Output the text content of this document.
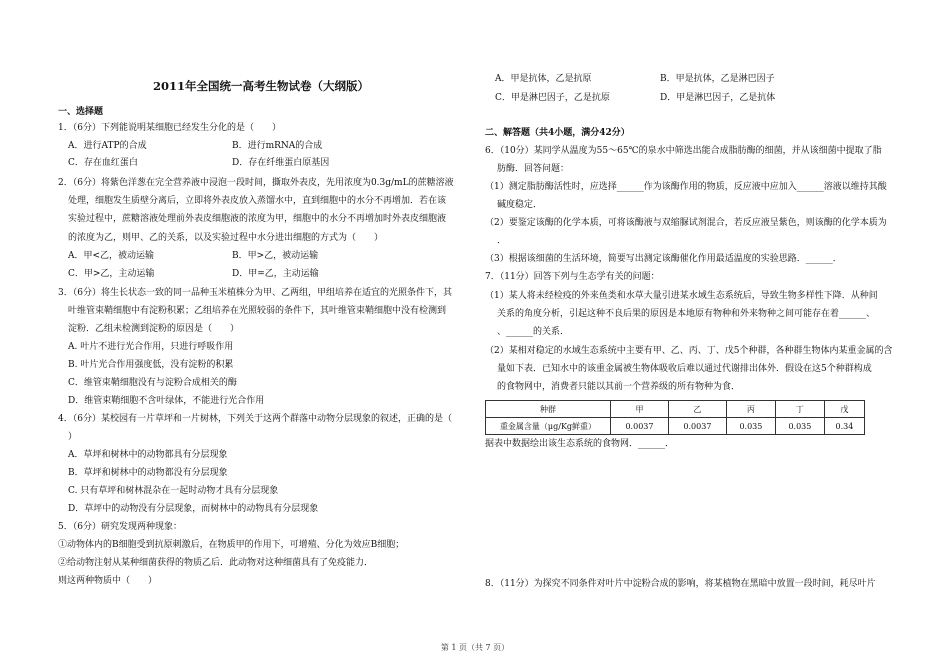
2011年全国统一高考生物试卷（大纲版）
一、选择题
1．（6分）下列能说明某细胞已经发生分化的是（　　）
A．进行ATP的合成	B．进行mRNA的合成
C．存在血红蛋白	D．存在纤维蛋白原基因
2．（6分）将紫色洋葱在完全营养液中浸泡一段时间，撕取外表皮，先用浓度为0.3g/mL的蔗糖溶液
处理，细胞发生质壁分离后，立即将外表皮放入蒸馏水中，直到细胞中的水分不再增加．若在该
实验过程中，蔗糖溶液处理前外表皮细胞液的浓度为甲，细胞中的水分不再增加时外表皮细胞液
的浓度为乙，则甲、乙的关系，以及实验过程中水分进出细胞的方式为（　　）
A．甲<乙，被动运输	B．甲>乙，被动运输
C．甲>乙，主动运输	D．甲=乙，主动运输
3．（6分）将生长状态一致的同一品种玉米植株分为甲、乙两组，甲组培养在适宜的光照条件下，其
叶维管束鞘细胞中有淀粉积累；乙组培养在光照较弱的条件下，其叶维管束鞘细胞中没有检测到
淀粉．乙组未检测到淀粉的原因是（　　）
A. 叶片不进行光合作用，只进行呼吸作用
B. 叶片光合作用强度低，没有淀粉的积累
C．维管束鞘细胞没有与淀粉合成相关的酶
D．维管束鞘细胞不含叶绿体，不能进行光合作用
4．（6分）某校园有一片草坪和一片树林，下列关于这两个群落中动物分层现象的叙述，正确的是（
）
A．草坪和树林中的动物都具有分层现象
B．草坪和树林中的动物都没有分层现象
C. 只有草坪和树林混杂在一起时动物才具有分层现象
D．草坪中的动物没有分层现象，而树林中的动物具有分层现象
5．（6分）研究发现两种现象：
①动物体内的B细胞受到抗原刺激后，在物质甲的作用下，可增殖、分化为效应B细胞；
②给动物注射从某种细菌获得的物质乙后．此动物对这种细菌具有了免疫能力．
则这两种物质中（　　）
A．甲是抗体，乙是抗原	B．甲是抗体，乙是淋巴因子
C．甲是淋巴因子，乙是抗原	D．甲是淋巴因子，乙是抗体
二、解答题（共4小题，满分42分）
6．（10分）某同学从温度为55～65℃的泉水中筛选出能合成脂肪酶的细菌，并从该细菌中提取了脂
肪酶．回答问题：
（1）测定脂肪酶活性时，应选择______作为该酶作用的物质，反应液中应加入______溶液以维持其酸
碱度稳定．
（2）要鉴定该酶的化学本质，可将该酶液与双缩脲试剂混合，若反应液呈紫色，则该酶的化学本质为
．
（3）根据该细菌的生活环境，简要写出测定该酶催化作用最适温度的实验思路．______．
7．（11分）回答下列与生态学有关的问题：
（1）某人将未经检疫的外来鱼类和水草大量引进某水域生态系统后，导致生物多样性下降．从种间
关系的角度分析，引起这种不良后果的原因是本地原有物种和外来物种之间可能存在着______、
、______的关系．
（2）某相对稳定的水域生态系统中主要有甲、乙、丙、丁、戊5个种群，各种群生物体内某重金属的含
量如下表．已知水中的该重金属被生物体吸收后难以通过代谢排出体外．假设在这5个种群构成
的食物网中，消费者只能以其前一个营养级的所有物种为食．
种群	甲	乙	丙	丁	戊
重金属含量（μg/Kg鲜重）	0.0037	0.0037	0.035	0.035	0.34
据表中数据绘出该生态系统的食物网．______．
8．（11分）为探究不同条件对叶片中淀粉合成的影响，将某植物在黑暗中放置一段时间，耗尽叶片
第 1 页（共 7 页）
